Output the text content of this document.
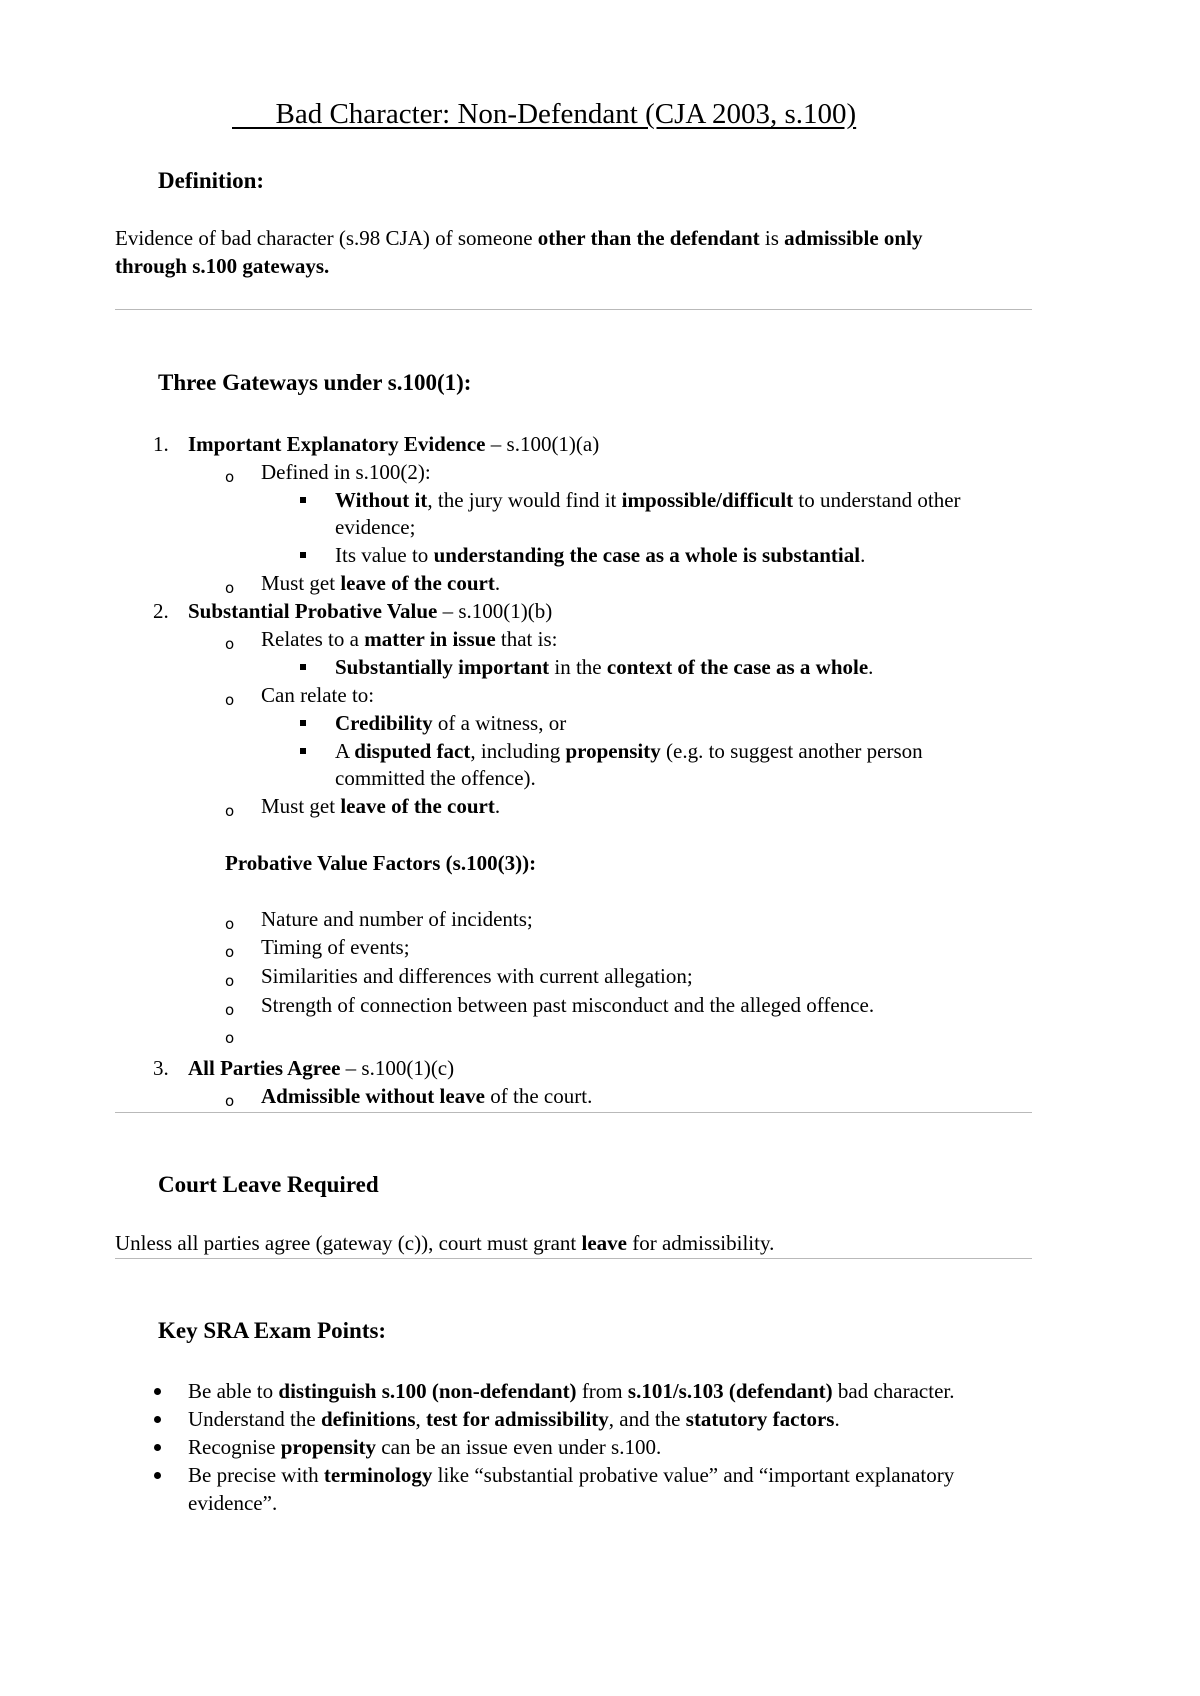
Bad Character: Non-Defendant (CJA 2003, s.100)
Definition:
Evidence of bad character (s.98 CJA) of someone other than the defendant is admissible only
through s.100 gateways.
Three Gateways under s.100(1):
1. Important Explanatory Evidence – s.100(1)(a)
o Defined in s.100(2):
Without it, the jury would find it impossible/difficult to understand other
evidence;
Its value to understanding the case as a whole is substantial.
o Must get leave of the court.
2. Substantial Probative Value – s.100(1)(b)
o Relates to a matter in issue that is:
Substantially important in the context of the case as a whole.
o Can relate to:
Credibility of a witness, or
A disputed fact, including propensity (e.g. to suggest another person
committed the offence).
o Must get leave of the court.
Probative Value Factors (s.100(3)):
o Nature and number of incidents;
o Timing of events;
o Similarities and differences with current allegation;
o Strength of connection between past misconduct and the alleged offence.
o
3. All Parties Agree – s.100(1)(c)
o Admissible without leave of the court.
Court Leave Required
Unless all parties agree (gateway (c)), court must grant leave for admissibility.
Key SRA Exam Points:
Be able to distinguish s.100 (non-defendant) from s.101/s.103 (defendant) bad character.
Understand the definitions, test for admissibility, and the statutory factors.
Recognise propensity can be an issue even under s.100.
Be precise with terminology like “substantial probative value” and “important explanatory
evidence”.
